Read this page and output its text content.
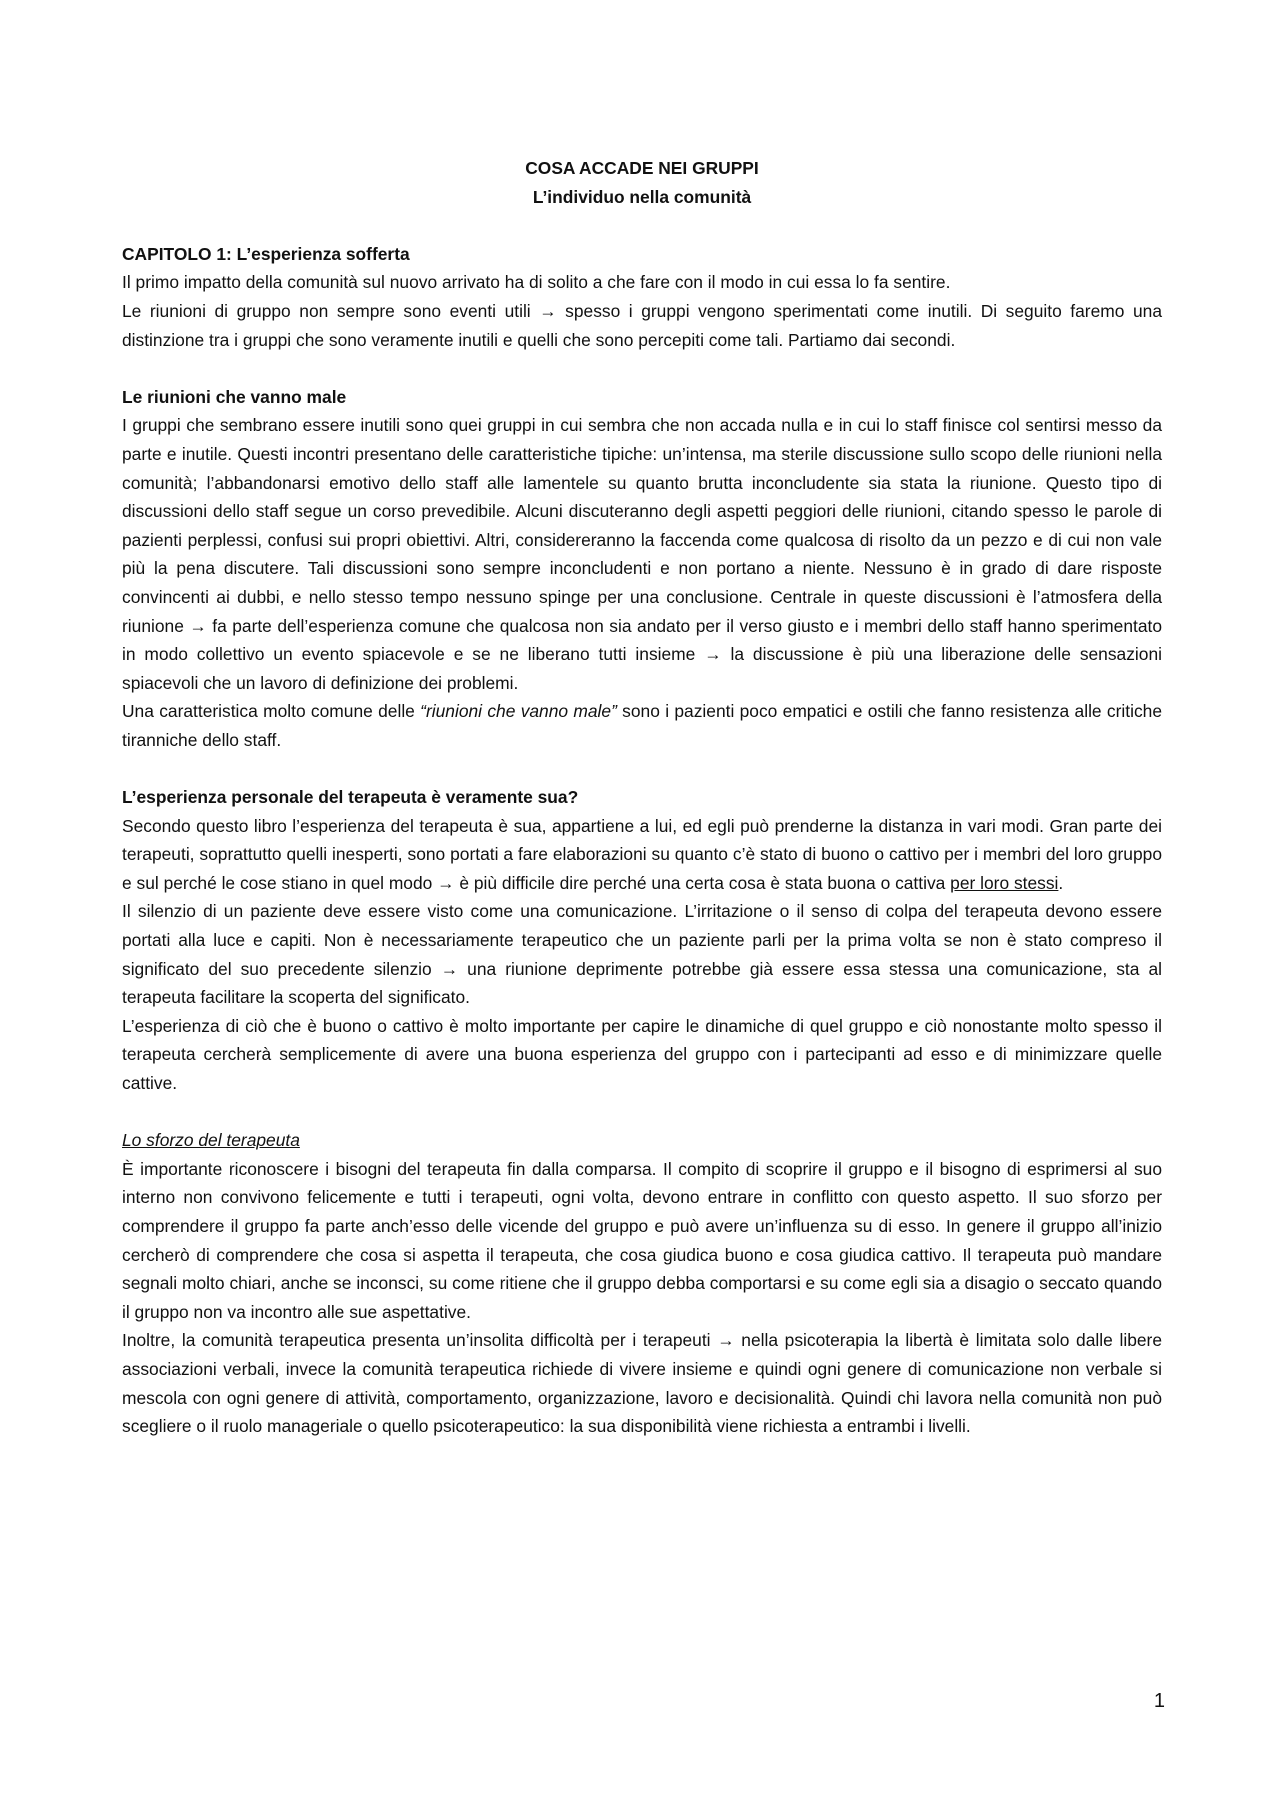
COSA ACCADE NEI GRUPPI
L’individuo nella comunità
CAPITOLO 1: L’esperienza sofferta

Il primo impatto della comunità sul nuovo arrivato ha di solito a che fare con il modo in cui essa lo fa sentire.

Le riunioni di gruppo non sempre sono eventi utili → spesso i gruppi vengono sperimentati come inutili. Di seguito faremo una distinzione tra i gruppi che sono veramente inutili e quelli che sono percepiti come tali. Partiamo dai secondi.

Le riunioni che vanno male

I gruppi che sembrano essere inutili sono quei gruppi in cui sembra che non accada nulla e in cui lo staff finisce col sentirsi messo da parte e inutile. Questi incontri presentano delle caratteristiche tipiche: un’intensa, ma sterile discussione sullo scopo delle riunioni nella comunità; l’abbandonarsi emotivo dello staff alle lamentele su quanto brutta inconcludente sia stata la riunione. Questo tipo di discussioni dello staff segue un corso prevedibile. Alcuni discuteranno degli aspetti peggiori delle riunioni, citando spesso le parole di pazienti perplessi, confusi sui propri obiettivi. Altri, considereranno la faccenda come qualcosa di risolto da un pezzo e di cui non vale più la pena discutere. Tali discussioni sono sempre inconcludenti e non portano a niente. Nessuno è in grado di dare risposte convincenti ai dubbi, e nello stesso tempo nessuno spinge per una conclusione. Centrale in queste discussioni è l’atmosfera della riunione → fa parte dell’esperienza comune che qualcosa non sia andato per il verso giusto e i membri dello staff hanno sperimentato in modo collettivo un evento spiacevole e se ne liberano tutti insieme → la discussione è più una liberazione delle sensazioni spiacevoli che un lavoro di definizione dei problemi.

Una caratteristica molto comune delle “riunioni che vanno male” sono i pazienti poco empatici e ostili che fanno resistenza alle critiche tiranniche dello staff.

L’esperienza personale del terapeuta è veramente sua?

Secondo questo libro l’esperienza del terapeuta è sua, appartiene a lui, ed egli può prenderne la distanza in vari modi. Gran parte dei terapeuti, soprattutto quelli inesperti, sono portati a fare elaborazioni su quanto c’è stato di buono o cattivo per i membri del loro gruppo e sul perché le cose stiano in quel modo → è più difficile dire perché una certa cosa è stata buona o cattiva per loro stessi.

Il silenzio di un paziente deve essere visto come una comunicazione. L’irritazione o il senso di colpa del terapeuta devono essere portati alla luce e capiti. Non è necessariamente terapeutico che un paziente parli per la prima volta se non è stato compreso il significato del suo precedente silenzio → una riunione deprimente potrebbe già essere essa stessa una comunicazione, sta al terapeuta facilitare la scoperta del significato.

L’esperienza di ciò che è buono o cattivo è molto importante per capire le dinamiche di quel gruppo e ciò nonostante molto spesso il terapeuta cercherà semplicemente di avere una buona esperienza del gruppo con i partecipanti ad esso e di minimizzare quelle cattive.

Lo sforzo del terapeuta

È importante riconoscere i bisogni del terapeuta fin dalla comparsa. Il compito di scoprire il gruppo e il bisogno di esprimersi al suo interno non convivono felicemente e tutti i terapeuti, ogni volta, devono entrare in conflitto con questo aspetto. Il suo sforzo per comprendere il gruppo fa parte anch’esso delle vicende del gruppo e può avere un’influenza su di esso. In genere il gruppo all’inizio cercherò di comprendere che cosa si aspetta il terapeuta, che cosa giudica buono e cosa giudica cattivo. Il terapeuta può mandare segnali molto chiari, anche se inconsci, su come ritiene che il gruppo debba comportarsi e su come egli sia a disagio o seccato quando il gruppo non va incontro alle sue aspettative.

Inoltre, la comunità terapeutica presenta un’insolita difficoltà per i terapeuti → nella psicoterapia la libertà è limitata solo dalle libere associazioni verbali, invece la comunità terapeutica richiede di vivere insieme e quindi ogni genere di comunicazione non verbale si mescola con ogni genere di attività, comportamento, organizzazione, lavoro e decisionalità. Quindi chi lavora nella comunità non può scegliere o il ruolo manageriale o quello psicoterapeutico: la sua disponibilità viene richiesta a entrambi i livelli.

1
